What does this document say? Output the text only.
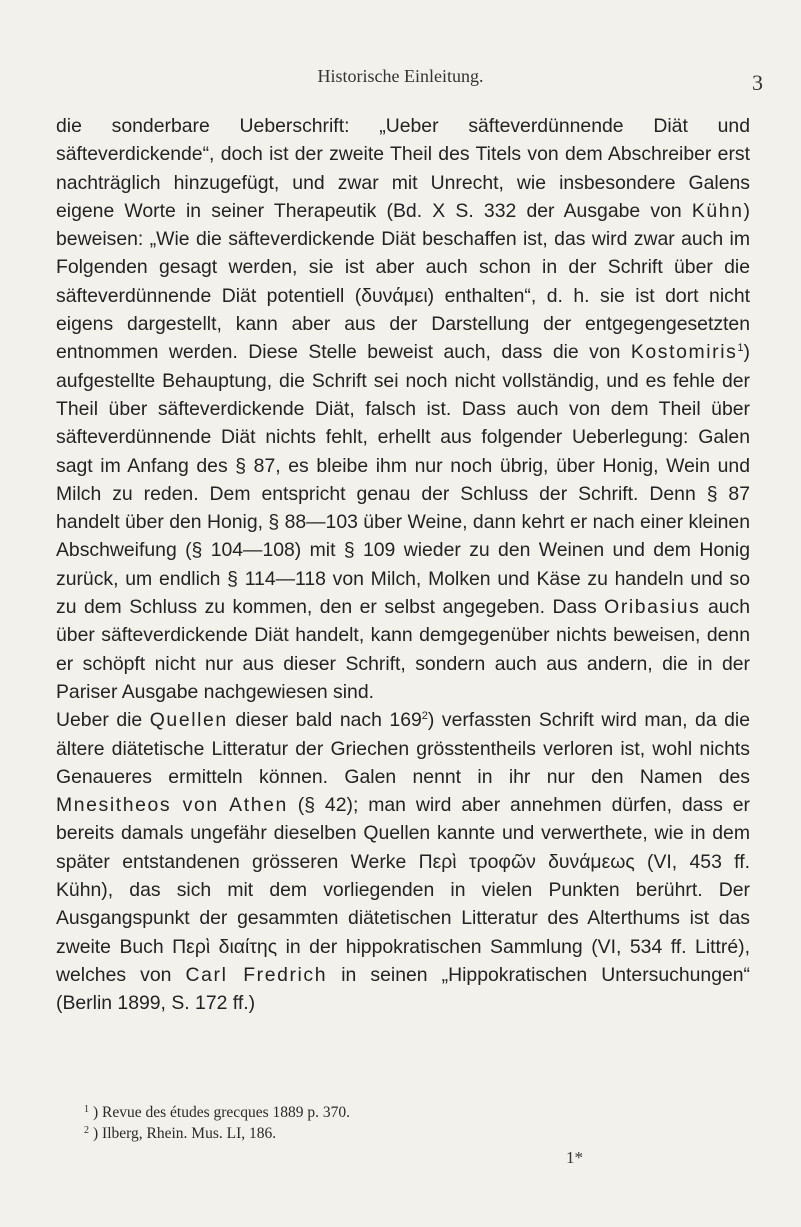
Historische Einleitung.	3

die sonderbare Ueberschrift: „Ueber säfteverdünnende Diät und säfteverdickende“, doch ist der zweite Theil des Titels von dem Abschreiber erst nachträglich hinzugefügt, und zwar mit Unrecht, wie insbesondere Galens eigene Worte in seiner Therapeutik (Bd. X S. 332 der Ausgabe von Kühn) beweisen: „Wie die säfteverdickende Diät beschaffen ist, das wird zwar auch im Folgenden gesagt werden, sie ist aber auch schon in der Schrift über die säfteverdünnende Diät potentiell (δυνάμει) enthalten“, d. h. sie ist dort nicht eigens dargestellt, kann aber aus der Darstellung der entgegengesetzten entnommen werden. Diese Stelle beweist auch, dass die von Kostomiris$^1$) aufgestellte Behauptung, die Schrift sei noch nicht vollständig, und es fehle der Theil über säfteverdickende Diät, falsch ist. Dass auch von dem Theil über säfteverdünnende Diät nichts fehlt, erhellt aus folgender Ueberlegung: Galen sagt im Anfang des § 87, es bleibe ihm nur noch übrig, über Honig, Wein und Milch zu reden. Dem entspricht genau der Schluss der Schrift. Denn § 87 handelt über den Honig, § 88—103 über Weine, dann kehrt er nach einer kleinen Abschweifung (§ 104—108) mit § 109 wieder zu den Weinen und dem Honig zurück, um endlich § 114—118 von Milch, Molken und Käse zu handeln und so zu dem Schluss zu kommen, den er selbst angegeben. Dass Oribasius auch über säfteverdickende Diät handelt, kann demgegenüber nichts beweisen, denn er schöpft nicht nur aus dieser Schrift, sondern auch aus andern, die in der Pariser Ausgabe nachgewiesen sind.

Ueber die Quellen dieser bald nach 169$^2$) verfassten Schrift wird man, da die ältere diätetische Litteratur der Griechen grösstentheils verloren ist, wohl nichts Genaueres ermitteln können. Galen nennt in ihr nur den Namen des Mnesitheos von Athen (§ 42); man wird aber annehmen dürfen, dass er bereits damals ungefähr dieselben Quellen kannte und verwerthete, wie in dem später entstandenen grösseren Werke Περὶ τροφῶν δυνάμεως (VI, 453 ff. Kühn), das sich mit dem vorliegenden in vielen Punkten berührt. Der Ausgangspunkt der gesammten diätetischen Litteratur des Alterthums ist das zweite Buch Περὶ διαίτης in der hippokratischen Sammlung (VI, 534 ff. Littré), welches von Carl Fredrich in seinen „Hippokratischen Untersuchungen“ (Berlin 1899, S. 172 ff.)

$^1$ ) Revue des études grecques 1889 p. 370.

$^2$ ) Ilberg, Rhein. Mus. LI, 186.

1*
